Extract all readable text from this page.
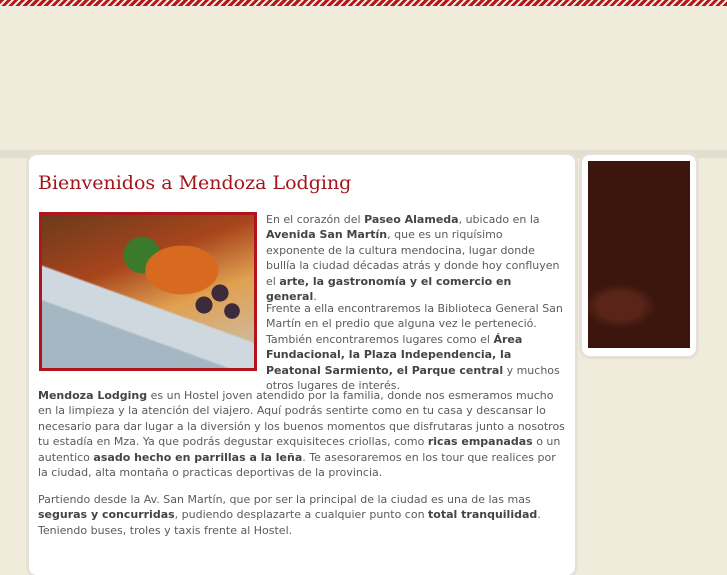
Bienvenidos a Mendoza Lodging

En el corazón del Paseo Alameda, ubicado en la Avenida San Martín, que es un riquísimo exponente de la cultura mendocina, lugar donde bullía la ciudad décadas atrás y donde hoy confluyen el arte, la gastronomía y el comercio en general.

Frente a ella encontraremos la Biblioteca General San Martín en el predio que alguna vez le perteneció. También encontraremos lugares como el Área Fundacional, la Plaza Independencia, la Peatonal Sarmiento, el Parque central y muchos otros lugares de interés.

Mendoza Lodging es un Hostel joven atendido por la familia, donde nos esmeramos mucho en la limpieza y la atención del viajero. Aquí podrás sentirte como en tu casa y descansar lo necesario para dar lugar a la diversión y los buenos momentos que disfrutaras junto a nosotros tu estadía en Mza. Ya que podrás degustar exquisiteces criollas, como ricas empanadas o un autentico asado hecho en parrillas a la leña. Te asesoraremos en los tour que realices por la ciudad, alta montaña o practicas deportivas de la provincia.

Partiendo desde la Av. San Martín, que por ser la principal de la ciudad es una de las mas seguras y concurridas, pudiendo desplazarte a cualquier punto con total tranquilidad. Teniendo buses, troles y taxis frente al Hostel.
